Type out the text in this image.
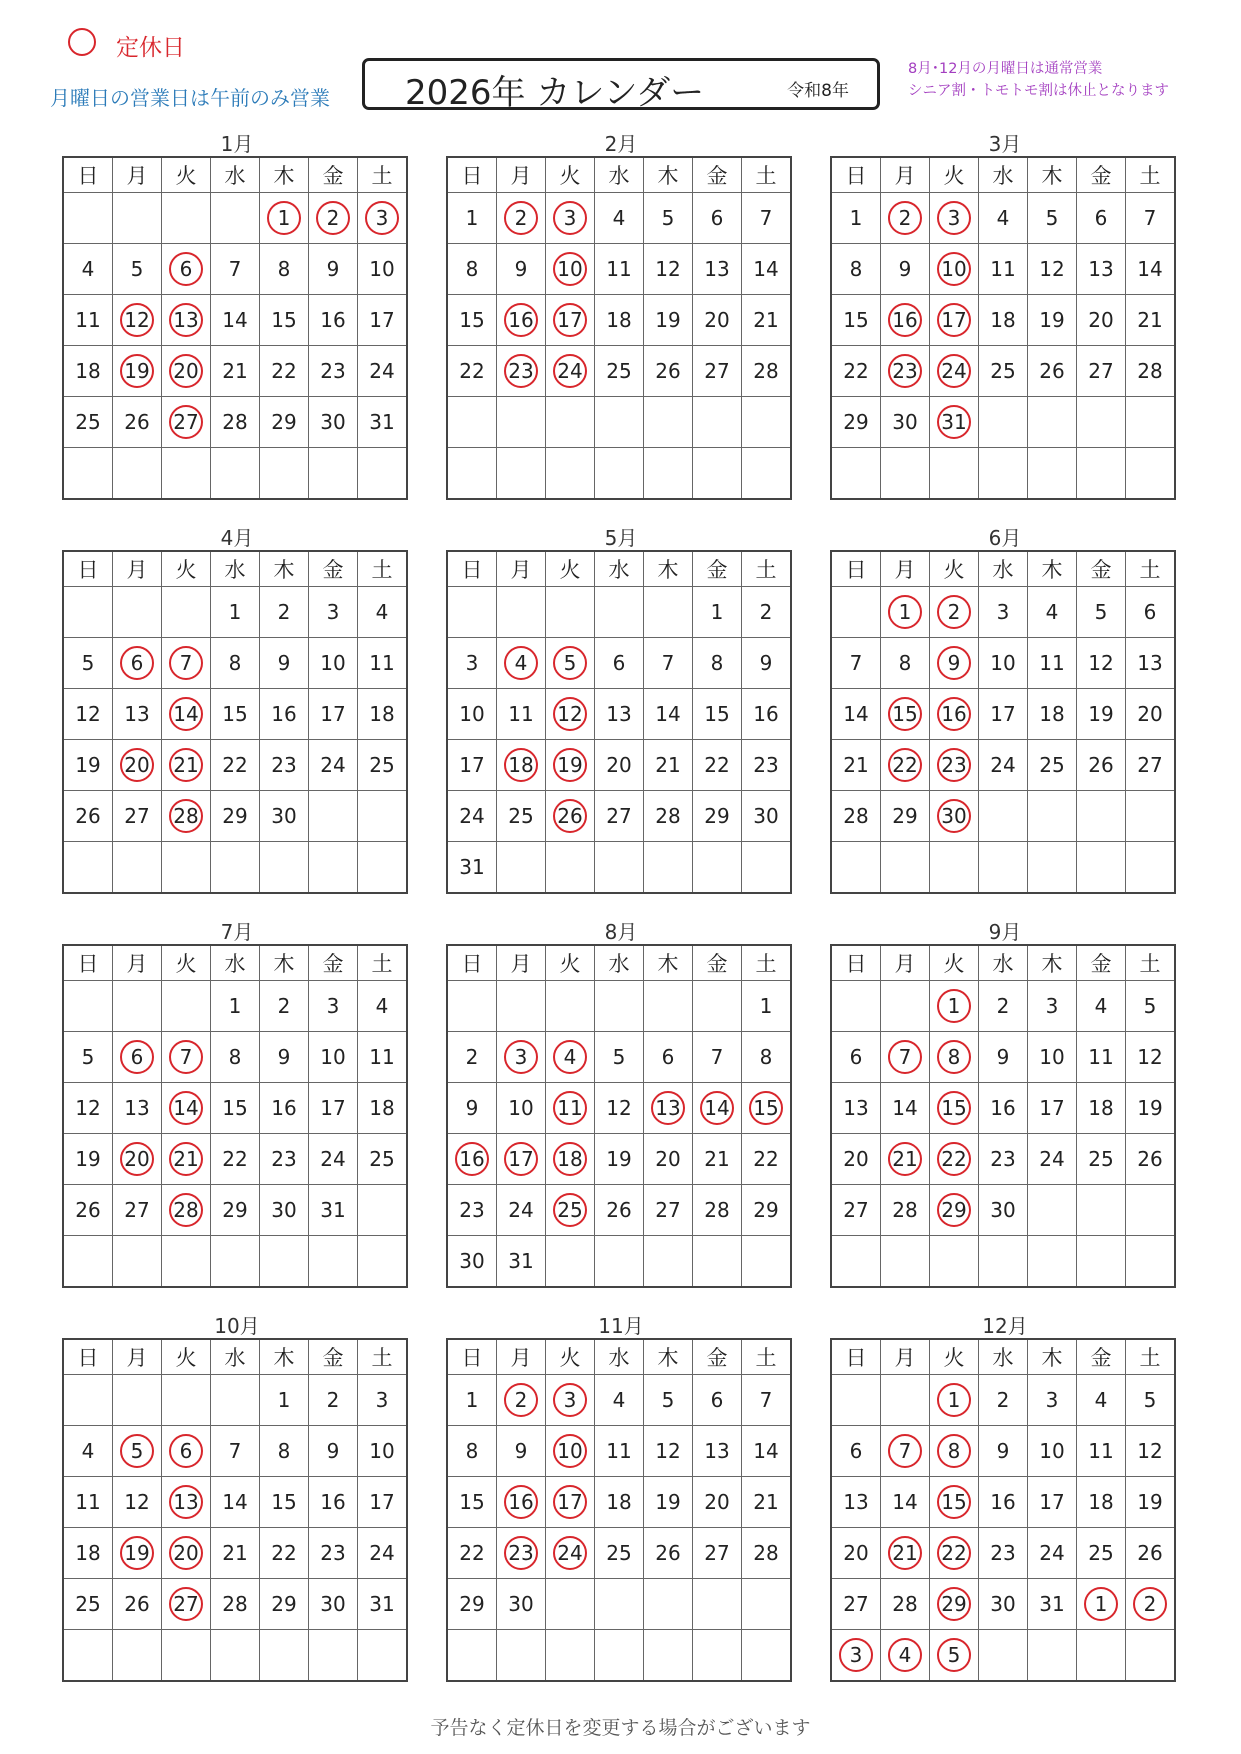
定休日
月曜日の営業日は午前のみ営業 2026年 カレンダー	令和8年
8月･12月の月曜日は通常営業
シニア割・トモトモ割は休止となります
1月
日	月	火	水	木	金	土
				1	2	3
4	5	6	7	8	9	10
11	12	13	14	15	16	17
18	19	20	21	22	23	24
25	26	27	28	29	30	31

2月
日	月	火	水	木	金	土
1	2	3	4	5	6	7
8	9	10	11	12	13	14
15	16	17	18	19	20	21
22	23	24	25	26	27	28

3月
日	月	火	水	木	金	土
1	2	3	4	5	6	7
8	9	10	11	12	13	14
15	16	17	18	19	20	21
22	23	24	25	26	27	28
29	30	31				

4月
日	月	火	水	木	金	土
			1	2	3	4
5	6	7	8	9	10	11
12	13	14	15	16	17	18
19	20	21	22	23	24	25
26	27	28	29	30		

5月
日	月	火	水	木	金	土
					1	2
3	4	5	6	7	8	9
10	11	12	13	14	15	16
17	18	19	20	21	22	23
24	25	26	27	28	29	30
31						
6月
日	月	火	水	木	金	土
	1	2	3	4	5	6
7	8	9	10	11	12	13
14	15	16	17	18	19	20
21	22	23	24	25	26	27
28	29	30				

7月
日	月	火	水	木	金	土
			1	2	3	4
5	6	7	8	9	10	11
12	13	14	15	16	17	18
19	20	21	22	23	24	25
26	27	28	29	30	31	

8月
日	月	火	水	木	金	土
						1
2	3	4	5	6	7	8
9	10	11	12	13	14	15
16	17	18	19	20	21	22
23	24	25	26	27	28	29
30	31					
9月
日	月	火	水	木	金	土
		1	2	3	4	5
6	7	8	9	10	11	12
13	14	15	16	17	18	19
20	21	22	23	24	25	26
27	28	29	30			

10月
日	月	火	水	木	金	土
				1	2	3
4	5	6	7	8	9	10
11	12	13	14	15	16	17
18	19	20	21	22	23	24
25	26	27	28	29	30	31

11月
日	月	火	水	木	金	土
1	2	3	4	5	6	7
8	9	10	11	12	13	14
15	16	17	18	19	20	21
22	23	24	25	26	27	28
29	30					

12月
日	月	火	水	木	金	土
		1	2	3	4	5
6	7	8	9	10	11	12
13	14	15	16	17	18	19
20	21	22	23	24	25	26
27	28	29	30	31	1	2
3	4	5				
予告なく定休日を変更する場合がございます
